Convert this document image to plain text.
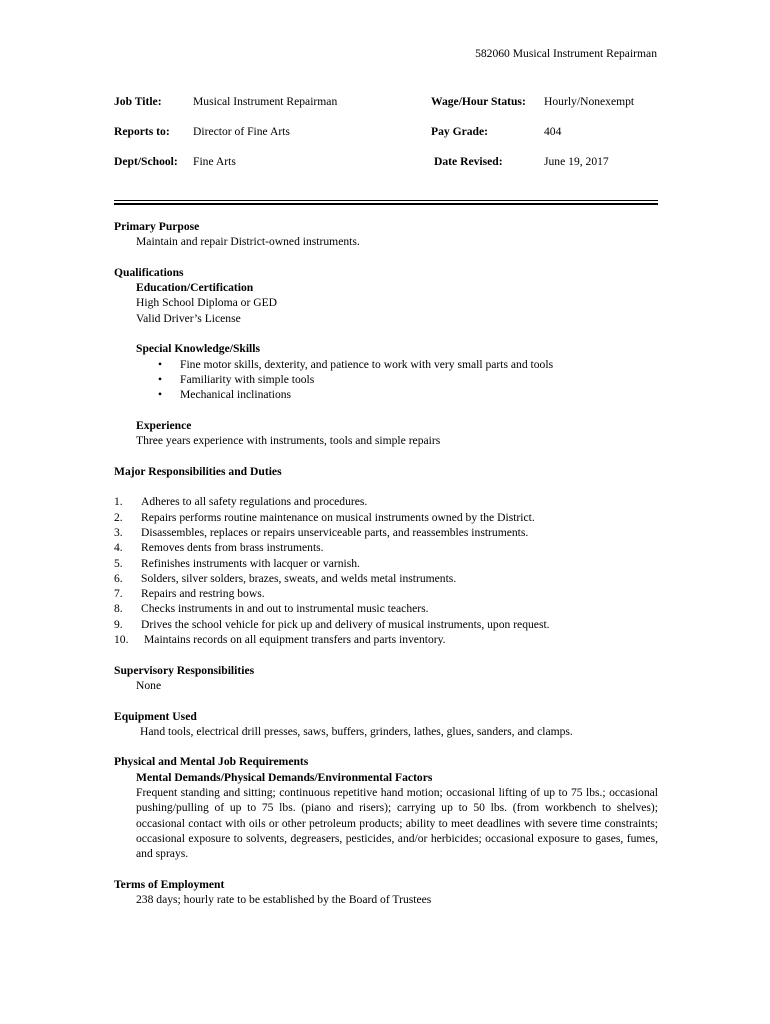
582060 Musical Instrument Repairman
Job Title:	Musical Instrument Repairman	Wage/Hour Status: Hourly/Nonexempt
Reports to: Director of Fine Arts	Pay Grade:	404
Dept/School: Fine Arts	Date Revised:	June 19, 2017
Primary Purpose
Maintain and repair District-owned instruments.
Qualifications
Education/Certification
High School Diploma or GED
Valid Driver’s License
Special Knowledge/Skills
• Fine motor skills, dexterity, and patience to work with very small parts and tools
• Familiarity with simple tools
• Mechanical inclinations
Experience
Three years experience with instruments, tools and simple repairs
Major Responsibilities and Duties
1. Adheres to all safety regulations and procedures.
2. Repairs performs routine maintenance on musical instruments owned by the District.
3. Disassembles, replaces or repairs unserviceable parts, and reassembles instruments.
4. Removes dents from brass instruments.
5. Refinishes instruments with lacquer or varnish.
6. Solders, silver solders, brazes, sweats, and welds metal instruments.
7. Repairs and restring bows.
8. Checks instruments in and out to instrumental music teachers.
9. Drives the school vehicle for pick up and delivery of musical instruments, upon request.
10. Maintains records on all equipment transfers and parts inventory.
Supervisory Responsibilities
None
Equipment Used
Hand tools, electrical drill presses, saws, buffers, grinders, lathes, glues, sanders, and clamps.
Physical and Mental Job Requirements
Mental Demands/Physical Demands/Environmental Factors
Frequent standing and sitting; continuous repetitive hand motion; occasional lifting of up to 75 lbs.; occasional pushing/pulling of up to 75 lbs. (piano and risers); carrying up to 50 lbs. (from workbench to shelves); occasional contact with oils or other petroleum products; ability to meet deadlines with severe time constraints; occasional exposure to solvents, degreasers, pesticides, and/or herbicides; occasional exposure to gases, fumes, and sprays.
Terms of Employment
238 days; hourly rate to be established by the Board of Trustees
